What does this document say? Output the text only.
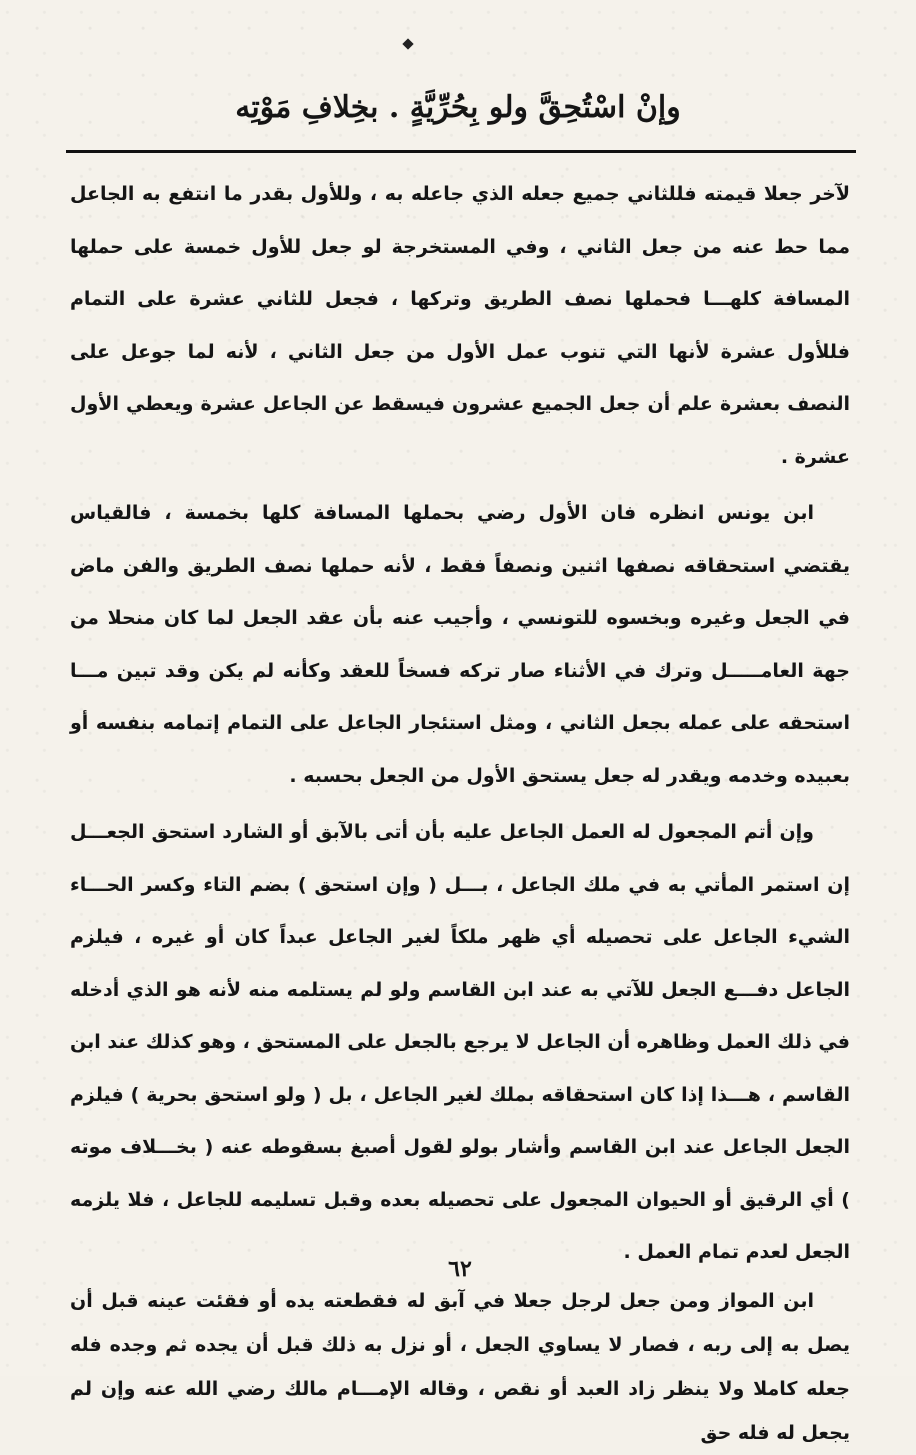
وإنْ اسْتُحِقَّ ولو بِحُرِّيَّةٍ . بخِلافِ مَوْتِه

لآخر جعلا قيمته فللثاني جميع جعله الذي جاعله به ، وللأول بقدر ما انتفع به الجاعل مما حط عنه من جعل الثاني ، وفي المستخرجة لو جعل للأول خمسة على حملها المسافة كلهـــا فحملها نصف الطريق وتركها ، فجعل للثاني عشرة على التمام فللأول عشرة لأنها التي تنوب عمل الأول من جعل الثاني ، لأنه لما جوعل على النصف بعشرة علم أن جعل الجميع عشرون فيسقط عن الجاعل عشرة ويعطي الأول عشرة .

ابن يونس انظره فان الأول رضي بحملها المسافة كلها بخمسة ، فالقياس يقتضي استحقاقه نصفها اثنين ونصفاً فقط ، لأنه حملها نصف الطريق والفن ماض في الجعل وغيره وبخسوه للتونسي ، وأجيب عنه بأن عقد الجعل لما كان منحلا من جهة العامـــــل وترك في الأثناء صار تركه فسخاً للعقد وكأنه لم يكن وقد تبين مـــا استحقه على عمله بجعل الثاني ، ومثل استئجار الجاعل على التمام إتمامه بنفسه أو بعبيده وخدمه ويقدر له جعل يستحق الأول من الجعل بحسبه .

وإن أتم المجعول له العمل الجاعل عليه بأن أتى بالآبق أو الشارد استحق الجعـــل إن استمر المأتي به في ملك الجاعل ، بـــل ( وإن استحق ) بضم التاء وكسر الحـــاء الشيء الجاعل على تحصيله أي ظهر ملكاً لغير الجاعل عبداً كان أو غيره ، فيلزم الجاعل دفـــع الجعل للآتي به عند ابن القاسم ولو لم يستلمه منه لأنه هو الذي أدخله في ذلك العمل وظاهره أن الجاعل لا يرجع بالجعل على المستحق ، وهو كذلك عند ابن القاسم ، هـــذا إذا كان استحقاقه بملك لغير الجاعل ، بل ( ولو استحق بحرية ) فيلزم الجعل الجاعل عند ابن القاسم وأشار بولو لقول أصبغ بسقوطه عنه ( بخـــلاف موته ) أي الرقيق أو الحيوان المجعول على تحصيله بعده وقبل تسليمه للجاعل ، فلا يلزمه الجعل لعدم تمام العمل .

ابن المواز ومن جعل لرجل جعلا في آبق له فقطعته يده أو فقئت عينه قبل أن يصل به إلى ربه ، فصار لا يساوي الجعل ، أو نزل به ذلك قبل أن يجده ثم وجده فله جعله كاملا ولا ينظر زاد العبد أو نقص ، وقاله الإمـــام مالك رضي الله عنه وإن لم يجعل له فله حق

٦٢
